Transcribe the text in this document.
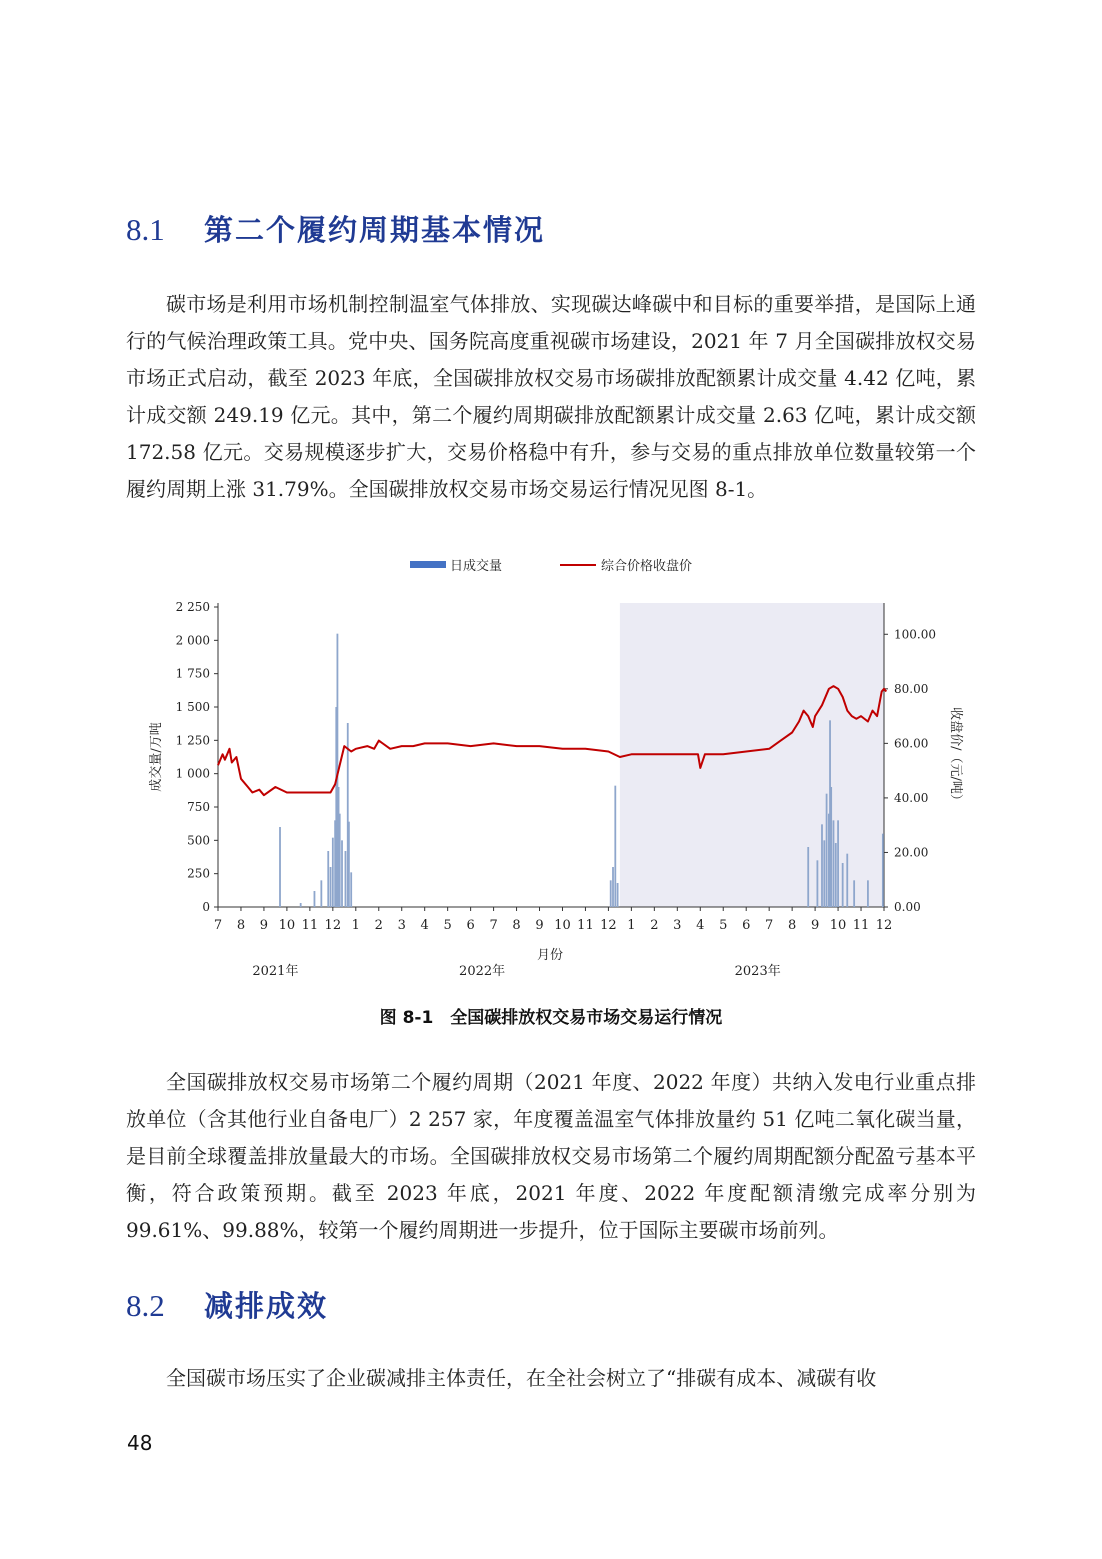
8.1 第二个履约周期基本情况

碳市场是利用市场机制控制温室气体排放、实现碳达峰碳中和目标的重要举措，是国际上通行的气候治理政策工具。党中央、国务院高度重视碳市场建设，2021 年 7 月全国碳排放权交易市场正式启动，截至 2023 年底，全国碳排放权交易市场碳排放配额累计成交量 4.42 亿吨，累计成交额 249.19 亿元。其中，第二个履约周期碳排放配额累计成交量 2.63 亿吨，累计成交额 172.58 亿元。交易规模逐步扩大，交易价格稳中有升，参与交易的重点排放单位数量较第一个履约周期上涨 31.79%。全国碳排放权交易市场交易运行情况见图 8-1。

0
250
500
750
1 000
1 250
1 500
1 750
2 000
2 250
0.00
20.00
40.00
60.00
80.00
100.00
7 8 9 10 11 12 1 2 3 4 5 6 7 8 9 10 11 12 1 2 3 4 5 6 7 8 9 10 11 12
2021年	2022年	2023年
月份
成交量/万吨	收盘价/（元/吨）
日成交量	综合价格收盘价

图 8-1　全国碳排放权交易市场交易运行情况

全国碳排放权交易市场第二个履约周期（2021 年度、2022 年度）共纳入发电行业重点排放单位（含其他行业自备电厂）2 257 家，年度覆盖温室气体排放量约 51 亿吨二氧化碳当量，是目前全球覆盖排放量最大的市场。全国碳排放权交易市场第二个履约周期配额分配盈亏基本平衡，符合政策预期。截至 2023 年底，2021 年度、2022 年度配额清缴完成率分别为 99.61%、99.88%，较第一个履约周期进一步提升，位于国际主要碳市场前列。

8.2 减排成效

全国碳市场压实了企业碳减排主体责任，在全社会树立了“排碳有成本、减碳有收

48
